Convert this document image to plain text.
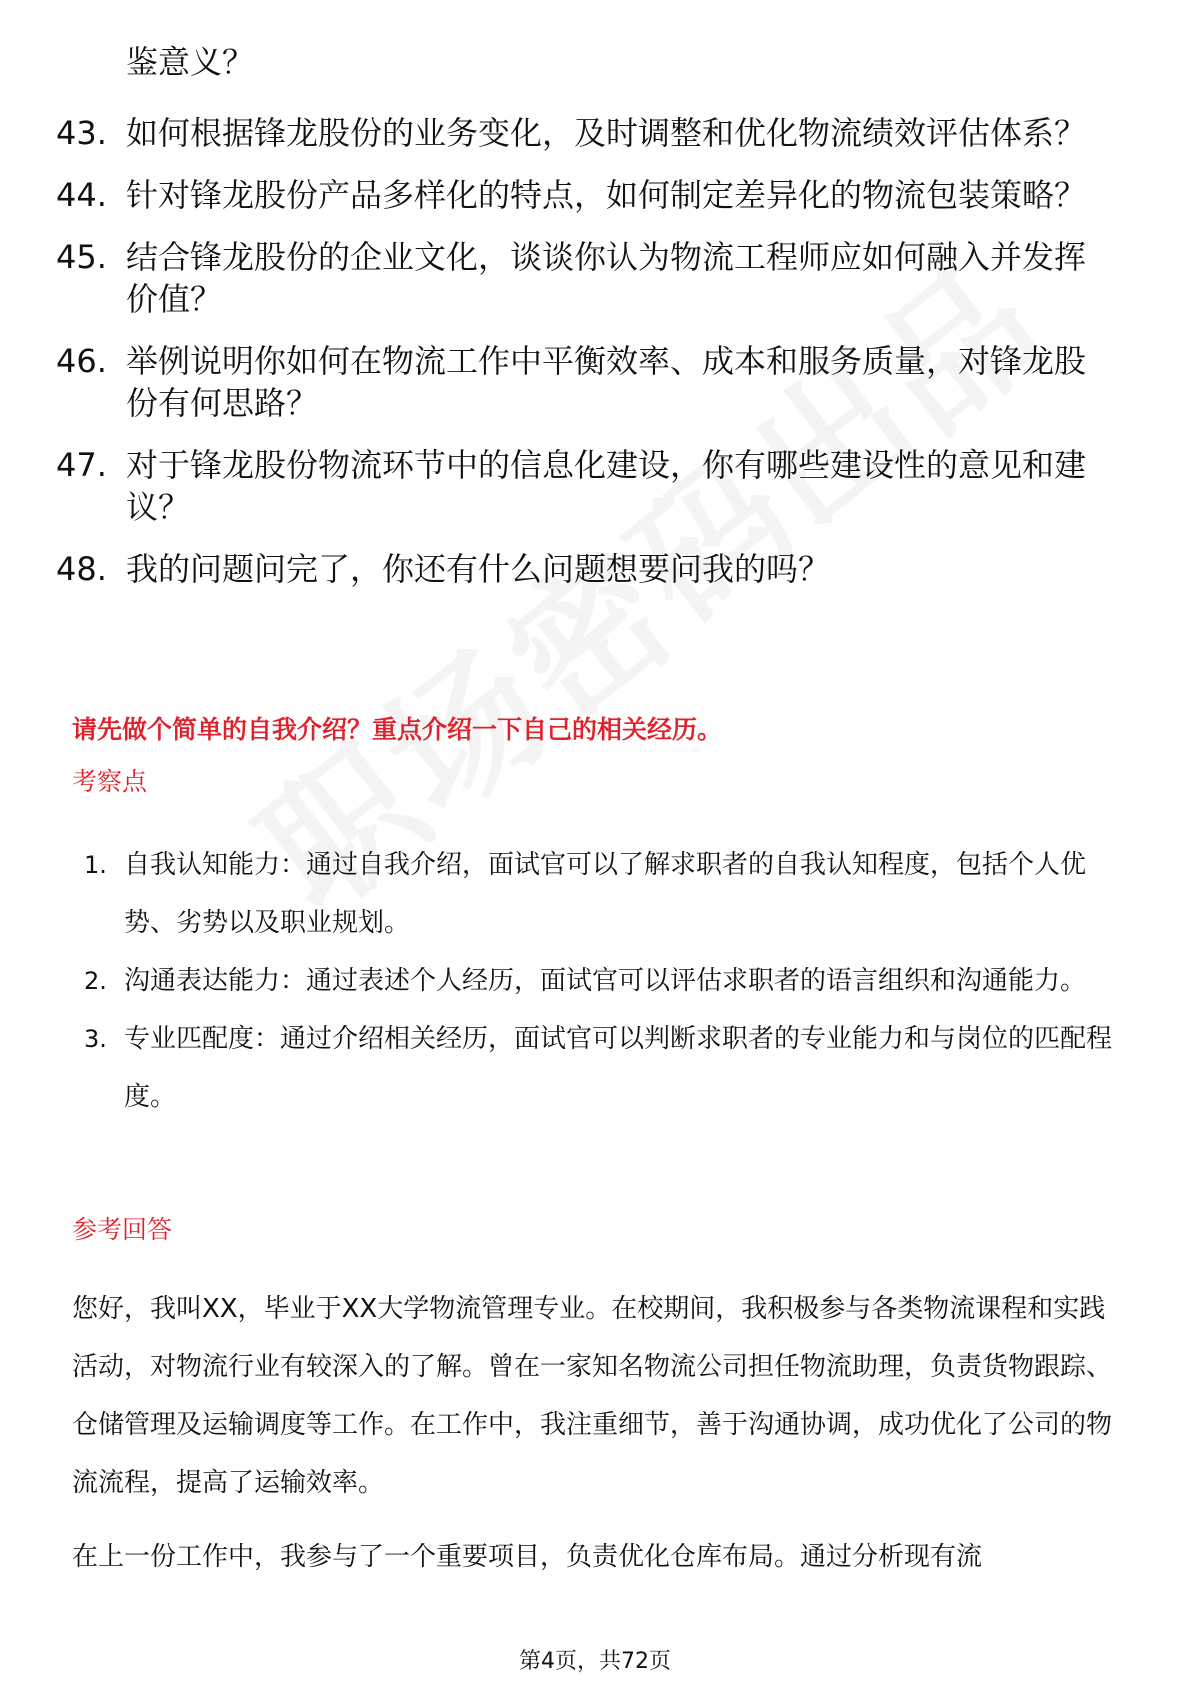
鉴意义？

43. 如何根据锋龙股份的业务变化，及时调整和优化物流绩效评估体系？
44. 针对锋龙股份产品多样化的特点，如何制定差异化的物流包装策略？
45. 结合锋龙股份的企业文化，谈谈你认为物流工程师应如何融入并发挥价值？
46. 举例说明你如何在物流工作中平衡效率、成本和服务质量，对锋龙股份有何思路？
47. 对于锋龙股份物流环节中的信息化建设，你有哪些建设性的意见和建议？
48. 我的问题问完了，你还有什么问题想要问我的吗？

请先做个简单的自我介绍？重点介绍一下自己的相关经历。

考察点

1. 自我认知能力：通过自我介绍，面试官可以了解求职者的自我认知程度，包括个人优势、劣势以及职业规划。
2. 沟通表达能力：通过表述个人经历，面试官可以评估求职者的语言组织和沟通能力。
3. 专业匹配度：通过介绍相关经历，面试官可以判断求职者的专业能力和与岗位的匹配程度。

参考回答

您好，我叫XX，毕业于XX大学物流管理专业。在校期间，我积极参与各类物流课程和实践活动，对物流行业有较深入的了解。曾在一家知名物流公司担任物流助理，负责货物跟踪、仓储管理及运输调度等工作。在工作中，我注重细节，善于沟通协调，成功优化了公司的物流流程，提高了运输效率。

在上一份工作中，我参与了一个重要项目，负责优化仓库布局。通过分析现有流

第4页，共72页
